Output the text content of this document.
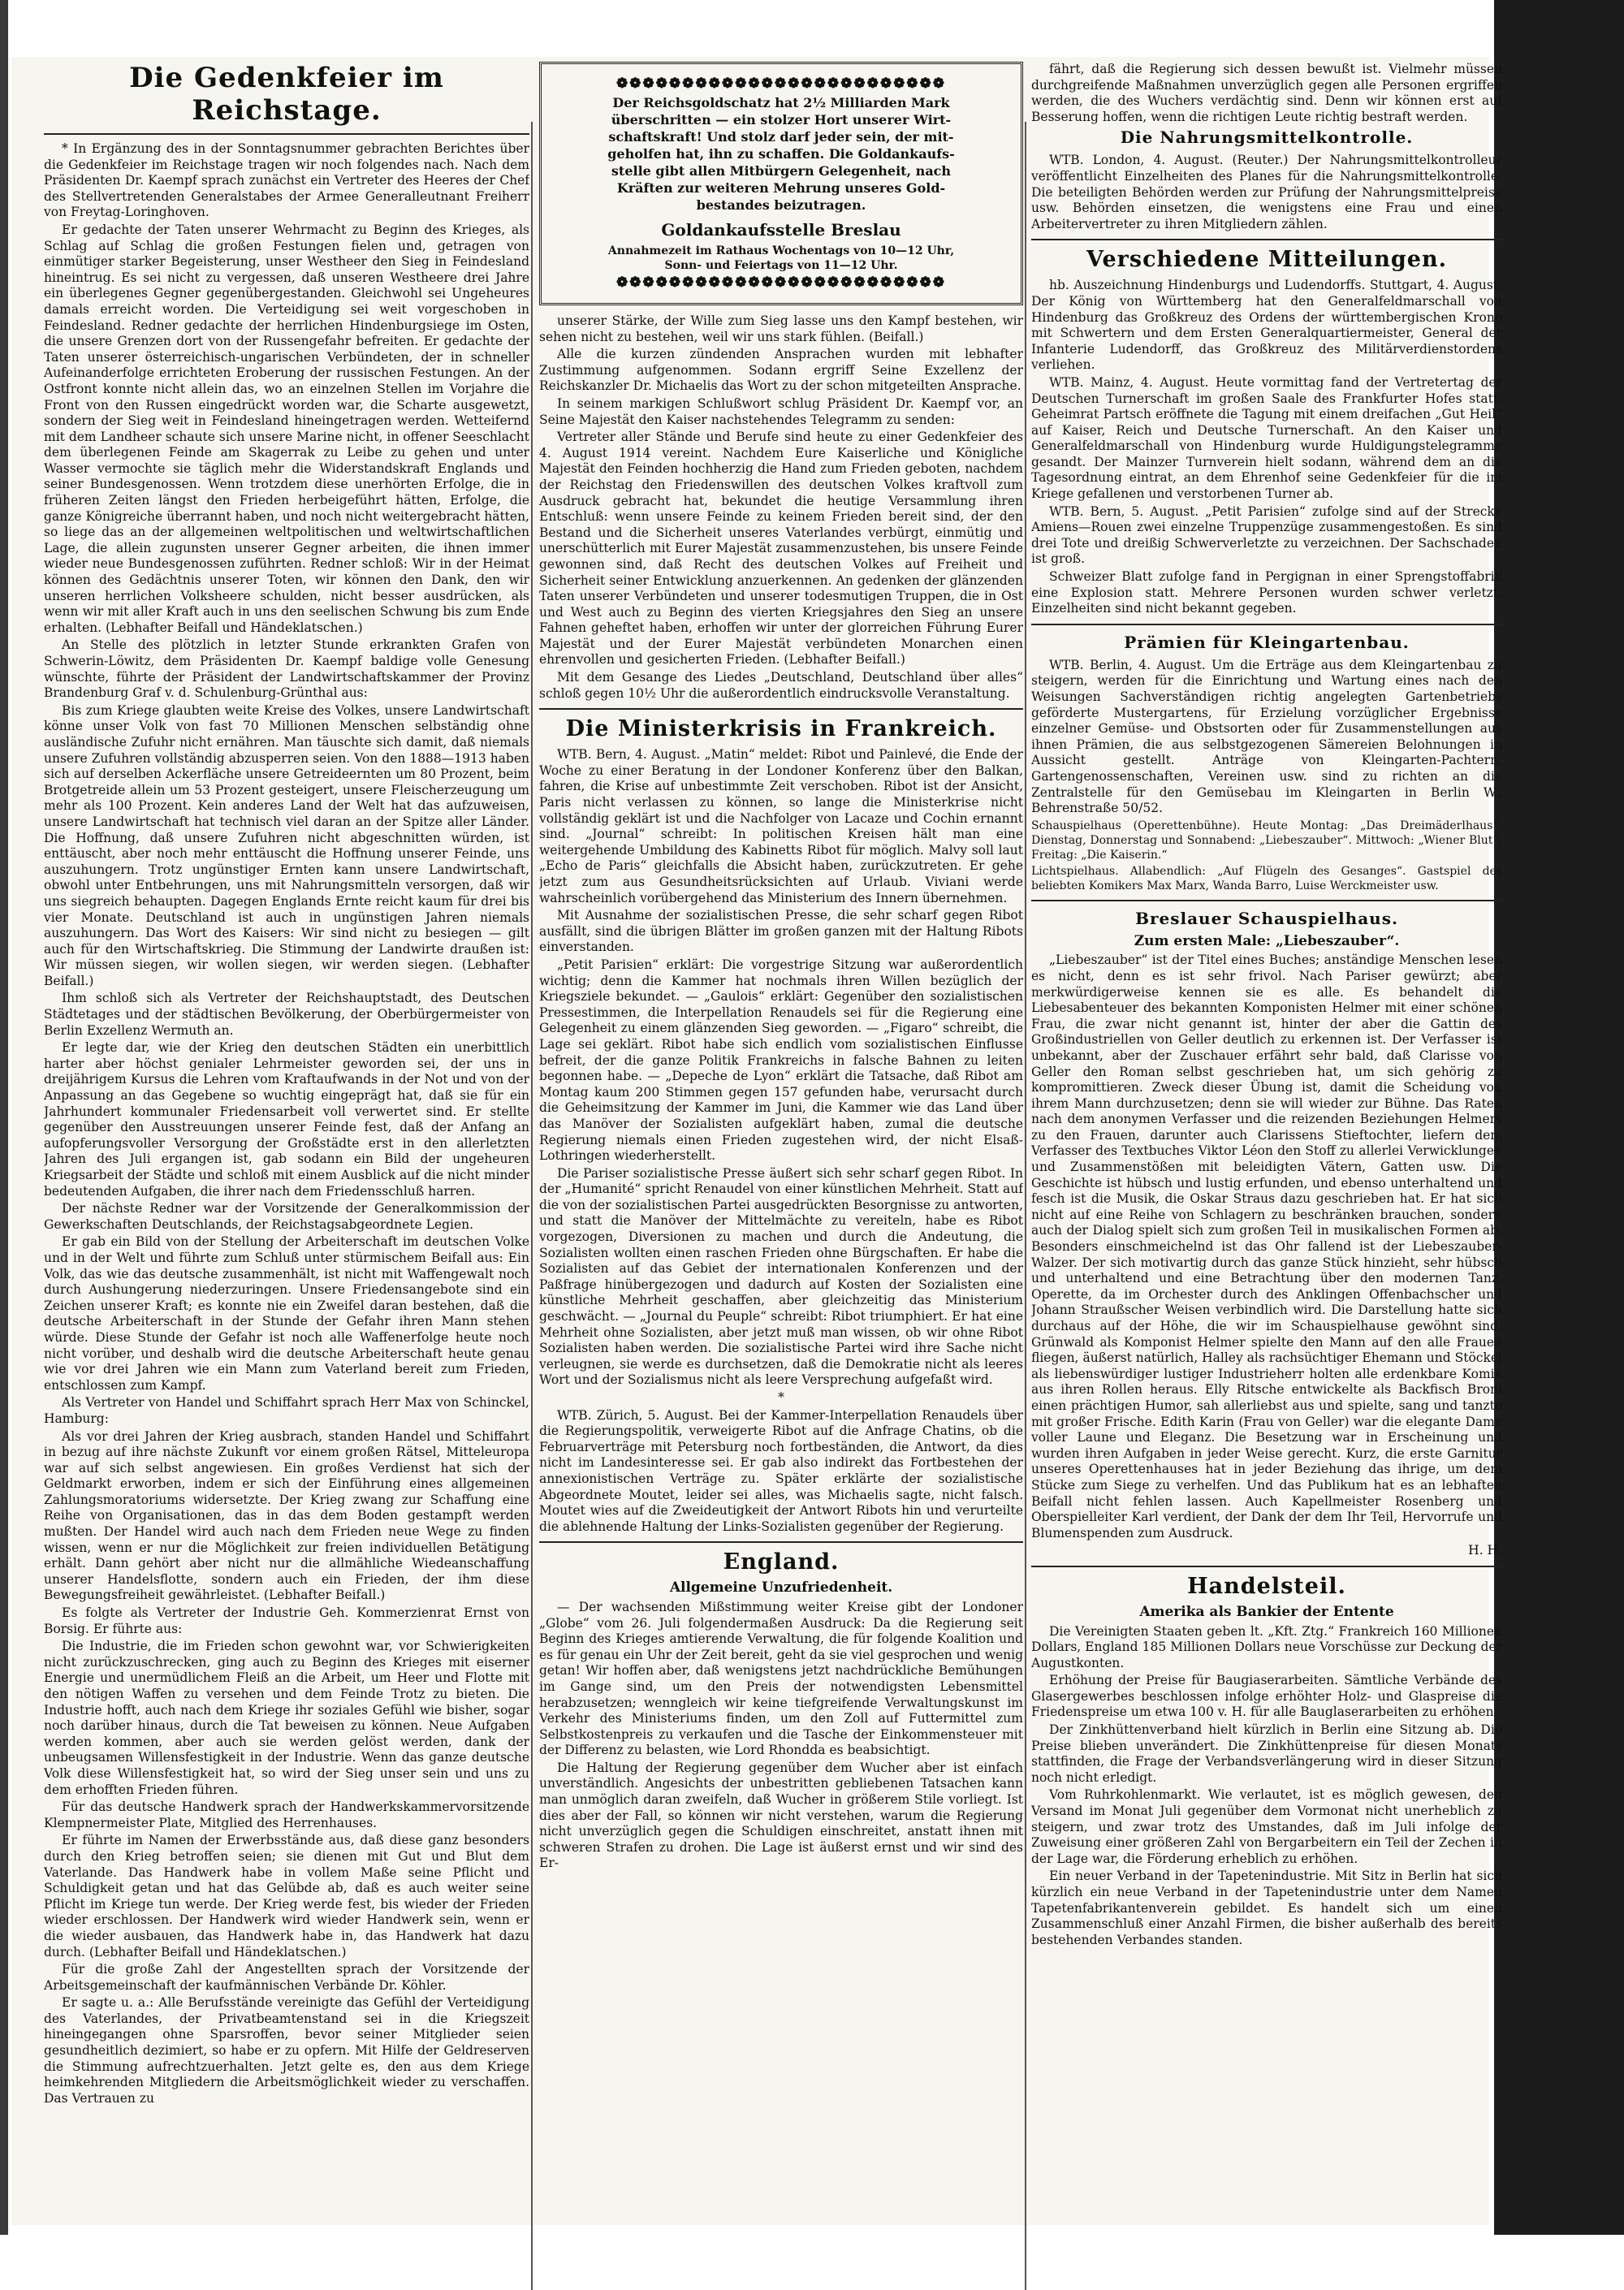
Die Gedenkfeier im Reichstage.

* In Ergänzung des in der Sonntagsnummer gebrachten Berichtes über die Gedenkfeier im Reichstage tragen wir noch folgendes nach. Nach dem Präsidenten Dr. Kaempf sprach zunächst ein Vertreter des Heeres der Chef des Stellvertretenden Generalstabes der Armee Generalleutnant Freiherr von Freytag-Loringhoven.

Er gedachte der Taten unserer Wehrmacht zu Beginn des Krieges, als Schlag auf Schlag die großen Festungen fielen und, getragen von einmütiger starker Begeisterung, unser Westheer den Sieg in Feindesland hineintrug. Es sei nicht zu vergessen, daß unseren Westheere drei Jahre ein überlegenes Gegner gegenübergestanden. Gleichwohl sei Ungeheures damals erreicht worden. Die Verteidigung sei weit vorgeschoben in Feindesland. Redner gedachte der herrlichen Hindenburgsiege im Osten, die unsere Grenzen dort von der Russengefahr befreiten. Er gedachte der Taten unserer österreichisch-ungarischen Verbündeten, der in schneller Aufeinanderfolge errichteten Eroberung der russischen Festungen. An der Ostfront konnte nicht allein das, wo an einzelnen Stellen im Vorjahre die Front von den Russen eingedrückt worden war, die Scharte ausgewetzt, sondern der Sieg weit in Feindesland hineingetragen werden. Wetteifernd mit dem Landheer schaute sich unsere Marine nicht, in offener Seeschlacht dem überlegenen Feinde am Skagerrak zu Leibe zu gehen und unter Wasser vermochte sie täglich mehr die Widerstandskraft Englands und seiner Bundesgenossen. Wenn trotzdem diese unerhörten Erfolge, die in früheren Zeiten längst den Frieden herbeigeführt hätten, Erfolge, die ganze Königreiche überrannt haben, und noch nicht weitergebracht hätten, so liege das an der allgemeinen weltpolitischen und weltwirtschaftlichen Lage, die allein zugunsten unserer Gegner arbeiten, die ihnen immer wieder neue Bundesgenossen zuführten. Redner schloß: Wir in der Heimat können des Gedächtnis unserer Toten, wir können den Dank, den wir unseren herrlichen Volksheere schulden, nicht besser ausdrücken, als wenn wir mit aller Kraft auch in uns den seelischen Schwung bis zum Ende erhalten. (Lebhafter Beifall und Händeklatschen.)

An Stelle des plötzlich in letzter Stunde erkrankten Grafen von Schwerin-Löwitz, dem Präsidenten Dr. Kaempf baldige volle Genesung wünschte, führte der Präsident der Landwirtschaftskammer der Provinz Brandenburg Graf v. d. Schulenburg-Grünthal aus:

Bis zum Kriege glaubten weite Kreise des Volkes, unsere Landwirtschaft könne unser Volk von fast 70 Millionen Menschen selbständig ohne ausländische Zufuhr nicht ernähren. Man täuschte sich damit, daß niemals unsere Zufuhren vollständig abzusperren seien. Von den 1888—1913 haben sich auf derselben Ackerfläche unsere Getreideernten um 80 Prozent, beim Brotgetreide allein um 53 Prozent gesteigert, unsere Fleischerzeugung um mehr als 100 Prozent. Kein anderes Land der Welt hat das aufzuweisen, unsere Landwirtschaft hat technisch viel daran an der Spitze aller Länder. Die Hoffnung, daß unsere Zufuhren nicht abgeschnitten würden, ist enttäuscht, aber noch mehr enttäuscht die Hoffnung unserer Feinde, uns auszuhungern. Trotz ungünstiger Ernten kann unsere Landwirtschaft, obwohl unter Entbehrungen, uns mit Nahrungsmitteln versorgen, daß wir uns siegreich behaupten. Dagegen Englands Ernte reicht kaum für drei bis vier Monate. Deutschland ist auch in ungünstigen Jahren niemals auszuhungern. Das Wort des Kaisers: Wir sind nicht zu besiegen — gilt auch für den Wirtschaftskrieg. Die Stimmung der Landwirte draußen ist: Wir müssen siegen, wir wollen siegen, wir werden siegen. (Lebhafter Beifall.)

Ihm schloß sich als Vertreter der Reichshauptstadt, des Deutschen Städtetages und der städtischen Bevölkerung, der Oberbürgermeister von Berlin Exzellenz Wermuth an.

Er legte dar, wie der Krieg den deutschen Städten ein unerbittlich harter aber höchst genialer Lehrmeister geworden sei, der uns in dreijährigem Kursus die Lehren vom Kraftaufwands in der Not und von der Anpassung an das Gegebene so wuchtig eingeprägt hat, daß sie für ein Jahrhundert kommunaler Friedensarbeit voll verwertet sind. Er stellte gegenüber den Ausstreuungen unserer Feinde fest, daß der Anfang an aufopferungsvoller Versorgung der Großstädte erst in den allerletzten Jahren des Juli ergangen ist, gab sodann ein Bild der ungeheuren Kriegsarbeit der Städte und schloß mit einem Ausblick auf die nicht minder bedeutenden Aufgaben, die ihrer nach dem Friedensschluß harren.

Der nächste Redner war der Vorsitzende der Generalkommission der Gewerkschaften Deutschlands, der Reichstagsabgeordnete Legien.

Er gab ein Bild von der Stellung der Arbeiterschaft im deutschen Volke und in der Welt und führte zum Schluß unter stürmischem Beifall aus: Ein Volk, das wie das deutsche zusammenhält, ist nicht mit Waffengewalt noch durch Aushungerung niederzuringen. Unsere Friedensangebote sind ein Zeichen unserer Kraft; es konnte nie ein Zweifel daran bestehen, daß die deutsche Arbeiterschaft in der Stunde der Gefahr ihren Mann stehen würde. Diese Stunde der Gefahr ist noch alle Waffenerfolge heute noch nicht vorüber, und deshalb wird die deutsche Arbeiterschaft heute genau wie vor drei Jahren wie ein Mann zum Vaterland bereit zum Frieden, entschlossen zum Kampf.

Als Vertreter von Handel und Schiffahrt sprach Herr Max von Schinckel, Hamburg:

Als vor drei Jahren der Krieg ausbrach, standen Handel und Schiffahrt in bezug auf ihre nächste Zukunft vor einem großen Rätsel, Mitteleuropa war auf sich selbst angewiesen. Ein großes Verdienst hat sich der Geldmarkt erworben, indem er sich der Einführung eines allgemeinen Zahlungsmoratoriums widersetzte. Der Krieg zwang zur Schaffung eine Reihe von Organisationen, das in das dem Boden gestampft werden mußten. Der Handel wird auch nach dem Frieden neue Wege zu finden wissen, wenn er nur die Möglichkeit zur freien individuellen Betätigung erhält. Dann gehört aber nicht nur die allmähliche Wiedeanschaffung unserer Handelsflotte, sondern auch ein Frieden, der ihm diese Bewegungsfreiheit gewährleistet. (Lebhafter Beifall.)

Es folgte als Vertreter der Industrie Geh. Kommerzienrat Ernst von Borsig. Er führte aus:

Die Industrie, die im Frieden schon gewohnt war, vor Schwierigkeiten nicht zurückzuschrecken, ging auch zu Beginn des Krieges mit eiserner Energie und unermüdlichem Fleiß an die Arbeit, um Heer und Flotte mit den nötigen Waffen zu versehen und dem Feinde Trotz zu bieten. Die Industrie hofft, auch nach dem Kriege ihr soziales Gefühl wie bisher, sogar noch darüber hinaus, durch die Tat beweisen zu können. Neue Aufgaben werden kommen, aber auch sie werden gelöst werden, dank der unbeugsamen Willensfestigkeit in der Industrie. Wenn das ganze deutsche Volk diese Willensfestigkeit hat, so wird der Sieg unser sein und uns zu dem erhofften Frieden führen.

Für das deutsche Handwerk sprach der Handwerkskammervorsitzende Klempnermeister Plate, Mitglied des Herrenhauses.

Er führte im Namen der Erwerbsstände aus, daß diese ganz besonders durch den Krieg betroffen seien; sie dienen mit Gut und Blut dem Vaterlande. Das Handwerk habe in vollem Maße seine Pflicht und Schuldigkeit getan und hat das Gelübde ab, daß es auch weiter seine Pflicht im Kriege tun werde. Der Krieg werde fest, bis wieder der Frieden wieder erschlossen. Der Handwerk wird wieder Handwerk sein, wenn er die wieder ausbauen, das Handwerk habe in, das Handwerk hat dazu durch. (Lebhafter Beifall und Händeklatschen.)

Für die große Zahl der Angestellten sprach der Vorsitzende der Arbeitsgemeinschaft der kaufmännischen Verbände Dr. Köhler.

Er sagte u. a.: Alle Berufsstände vereinigte das Gefühl der Verteidigung des Vaterlandes, der Privatbeamtenstand sei in die Kriegszeit hineingegangen ohne Sparsroffen, bevor seiner Mitglieder seien gesundheitlich dezimiert, so habe er zu opfern. Mit Hilfe der Geldreserven die Stimmung aufrechtzuerhalten. Jetzt gelte es, den aus dem Kriege heimkehrenden Mitgliedern die Arbeitsmöglichkeit wieder zu verschaffen. Das Vertrauen zu

❁❁❁❁❁❁❁❁❁❁❁❁❁❁❁❁❁❁❁❁❁❁❁❁❁

Der Reichsgoldschatz hat 2½ Milliarden Mark

überschritten — ein stolzer Hort unserer Wirt-

schaftskraft! Und stolz darf jeder sein, der mit-

geholfen hat, ihn zu schaffen. Die Goldankaufs-

stelle gibt allen Mitbürgern Gelegenheit, nach

Kräften zur weiteren Mehrung unseres Gold-

bestandes beizutragen.

Goldankaufsstelle Breslau

Annahmezeit im Rathaus Wochentags von 10—12 Uhr,

Sonn- und Feiertags von 11—12 Uhr.

❁❁❁❁❁❁❁❁❁❁❁❁❁❁❁❁❁❁❁❁❁❁❁❁❁

unserer Stärke, der Wille zum Sieg lasse uns den Kampf bestehen, wir sehen nicht zu bestehen, weil wir uns stark fühlen. (Beifall.)

Alle die kurzen zündenden Ansprachen wurden mit lebhafter Zustimmung aufgenommen. Sodann ergriff Seine Exzellenz der Reichskanzler Dr. Michaelis das Wort zu der schon mitgeteilten Ansprache.

In seinem markigen Schlußwort schlug Präsident Dr. Kaempf vor, an Seine Majestät den Kaiser nachstehendes Telegramm zu senden:

Vertreter aller Stände und Berufe sind heute zu einer Gedenkfeier des 4. August 1914 vereint. Nachdem Eure Kaiserliche und Königliche Majestät den Feinden hochherzig die Hand zum Frieden geboten, nachdem der Reichstag den Friedenswillen des deutschen Volkes kraftvoll zum Ausdruck gebracht hat, bekundet die heutige Versammlung ihren Entschluß: wenn unsere Feinde zu keinem Frieden bereit sind, der den Bestand und die Sicherheit unseres Vaterlandes verbürgt, einmütig und unerschütterlich mit Eurer Majestät zusammenzustehen, bis unsere Feinde gewonnen sind, daß Recht des deutschen Volkes auf Freiheit und Sicherheit seiner Entwicklung anzuerkennen. An gedenken der glänzenden Taten unserer Verbündeten und unserer todesmutigen Truppen, die in Ost und West auch zu Beginn des vierten Kriegsjahres den Sieg an unsere Fahnen geheftet haben, erhoffen wir unter der glorreichen Führung Eurer Majestät und der Eurer Majestät verbündeten Monarchen einen ehrenvollen und gesicherten Frieden. (Lebhafter Beifall.)

Mit dem Gesange des Liedes „Deutschland, Deutschland über alles“ schloß gegen 10½ Uhr die außerordentlich eindrucksvolle Veranstaltung.

Die Ministerkrisis in Frankreich.

WTB. Bern, 4. August. „Matin“ meldet: Ribot und Painlevé, die Ende der Woche zu einer Beratung in der Londoner Konferenz über den Balkan, fahren, die Krise auf unbestimmte Zeit verschoben. Ribot ist der Ansicht, Paris nicht verlassen zu können, so lange die Ministerkrise nicht vollständig geklärt ist und die Nachfolger von Lacaze und Cochin ernannt sind. „Journal“ schreibt: In politischen Kreisen hält man eine weitergehende Umbildung des Kabinetts Ribot für möglich. Malvy soll laut „Echo de Paris“ gleichfalls die Absicht haben, zurückzutreten. Er gehe jetzt zum aus Gesundheitsrücksichten auf Urlaub. Viviani werde wahrscheinlich vorübergehend das Ministerium des Innern übernehmen.

Mit Ausnahme der sozialistischen Presse, die sehr scharf gegen Ribot ausfällt, sind die übrigen Blätter im großen ganzen mit der Haltung Ribots einverstanden.

„Petit Parisien“ erklärt: Die vorgestrige Sitzung war außerordentlich wichtig; denn die Kammer hat nochmals ihren Willen bezüglich der Kriegsziele bekundet. — „Gaulois“ erklärt: Gegenüber den sozialistischen Pressestimmen, die Interpellation Renaudels sei für die Regierung eine Gelegenheit zu einem glänzenden Sieg geworden. — „Figaro“ schreibt, die Lage sei geklärt. Ribot habe sich endlich vom sozialistischen Einflusse befreit, der die ganze Politik Frankreichs in falsche Bahnen zu leiten begonnen habe. — „Depeche de Lyon“ erklärt die Tatsache, daß Ribot am Montag kaum 200 Stimmen gegen 157 gefunden habe, verursacht durch die Geheimsitzung der Kammer im Juni, die Kammer wie das Land über das Manöver der Sozialisten aufgeklärt haben, zumal die deutsche Regierung niemals einen Frieden zugestehen wird, der nicht Elsaß-Lothringen wiederherstellt.

Die Pariser sozialistische Presse äußert sich sehr scharf gegen Ribot. In der „Humanité“ spricht Renaudel von einer künstlichen Mehrheit. Statt auf die von der sozialistischen Partei ausgedrückten Besorgnisse zu antworten, und statt die Manöver der Mittelmächte zu vereiteln, habe es Ribot vorgezogen, Diversionen zu machen und durch die Andeutung, die Sozialisten wollten einen raschen Frieden ohne Bürgschaften. Er habe die Sozialisten auf das Gebiet der internationalen Konferenzen und der Paßfrage hinübergezogen und dadurch auf Kosten der Sozialisten eine künstliche Mehrheit geschaffen, aber gleichzeitig das Ministerium geschwächt. — „Journal du Peuple“ schreibt: Ribot triumphiert. Er hat eine Mehrheit ohne Sozialisten, aber jetzt muß man wissen, ob wir ohne Ribot Sozialisten haben werden. Die sozialistische Partei wird ihre Sache nicht verleugnen, sie werde es durchsetzen, daß die Demokratie nicht als leeres Wort und der Sozialismus nicht als leere Versprechung aufgefaßt wird.

*

WTB. Zürich, 5. August. Bei der Kammer-Interpellation Renaudels über die Regierungspolitik, verweigerte Ribot auf die Anfrage Chatins, ob die Februarverträge mit Petersburg noch fortbeständen, die Antwort, da dies nicht im Landesinteresse sei. Er gab also indirekt das Fortbestehen der annexionistischen Verträge zu. Später erklärte der sozialistische Abgeordnete Moutet, leider sei alles, was Michaelis sagte, nicht falsch. Moutet wies auf die Zweideutigkeit der Antwort Ribots hin und verurteilte die ablehnende Haltung der Links-Sozialisten gegenüber der Regierung.

England.
Allgemeine Unzufriedenheit.

— Der wachsenden Mißstimmung weiter Kreise gibt der Londoner „Globe“ vom 26. Juli folgendermaßen Ausdruck: Da die Regierung seit Beginn des Krieges amtierende Verwaltung, die für folgende Koalition und es für genau ein Uhr der Zeit bereit, geht da sie viel gesprochen und wenig getan! Wir hoffen aber, daß wenigstens jetzt nachdrückliche Bemühungen im Gange sind, um den Preis der notwendigsten Lebensmittel herabzusetzen; wenngleich wir keine tiefgreifende Verwaltungskunst im Verkehr des Ministeriums finden, um den Zoll auf Futtermittel zum Selbstkostenpreis zu verkaufen und die Tasche der Einkommensteuer mit der Differenz zu belasten, wie Lord Rhondda es beabsichtigt.

Die Haltung der Regierung gegenüber dem Wucher aber ist einfach unverständlich. Angesichts der unbestritten gebliebenen Tatsachen kann man unmöglich daran zweifeln, daß Wucher in größerem Stile vorliegt. Ist dies aber der Fall, so können wir nicht verstehen, warum die Regierung nicht unverzüglich gegen die Schuldigen einschreitet, anstatt ihnen mit schweren Strafen zu drohen. Die Lage ist äußerst ernst und wir sind des Er-

fährt, daß die Regierung sich dessen bewußt ist. Vielmehr müssen durchgreifende Maßnahmen unverzüglich gegen alle Personen ergriffen werden, die des Wuchers verdächtig sind. Denn wir können erst auf Besserung hoffen, wenn die richtigen Leute richtig bestraft werden.

Die Nahrungsmittelkontrolle.

WTB. London, 4. August. (Reuter.) Der Nahrungsmittelkontrolleur veröffentlicht Einzelheiten des Planes für die Nahrungsmittelkontrolle. Die beteiligten Behörden werden zur Prüfung der Nahrungsmittelpreise usw. Behörden einsetzen, die wenigstens eine Frau und einen Arbeitervertreter zu ihren Mitgliedern zählen.

Verschiedene Mitteilungen.

hb. Auszeichnung Hindenburgs und Ludendorffs. Stuttgart, 4. August. Der König von Württemberg hat den Generalfeldmarschall von Hindenburg das Großkreuz des Ordens der württembergischen Krone mit Schwertern und dem Ersten Generalquartiermeister, General der Infanterie Ludendorff, das Großkreuz des Militärverdienstordens verliehen.

WTB. Mainz, 4. August. Heute vormittag fand der Vertretertag der Deutschen Turnerschaft im großen Saale des Frankfurter Hofes statt. Geheimrat Partsch eröffnete die Tagung mit einem dreifachen „Gut Heil“ auf Kaiser, Reich und Deutsche Turnerschaft. An den Kaiser und Generalfeldmarschall von Hindenburg wurde Huldigungstelegramme gesandt. Der Mainzer Turnverein hielt sodann, während dem an die Tagesordnung eintrat, an dem Ehrenhof seine Gedenkfeier für die im Kriege gefallenen und verstorbenen Turner ab.

WTB. Bern, 5. August. „Petit Parisien“ zufolge sind auf der Strecke Amiens—Rouen zwei einzelne Truppenzüge zusammengestoßen. Es sind drei Tote und dreißig Schwerverletzte zu verzeichnen. Der Sachschaden ist groß.

Schweizer Blatt zufolge fand in Pergignan in einer Sprengstoffabrik eine Explosion statt. Mehrere Personen wurden schwer verletzt. Einzelheiten sind nicht bekannt gegeben.

Prämien für Kleingartenbau.

WTB. Berlin, 4. August. Um die Erträge aus dem Kleingartenbau zu steigern, werden für die Einrichtung und Wartung eines nach den Weisungen Sachverständigen richtig angelegten Gartenbetriebs geförderte Mustergartens, für Erzielung vorzüglicher Ergebnisse einzelner Gemüse- und Obstsorten oder für Zusammenstellungen aus ihnen Prämien, die aus selbstgezogenen Sämereien Belohnungen in Aussicht gestellt. Anträge von Kleingarten-Pachtern, Gartengenossenschaften, Vereinen usw. sind zu richten an die Zentralstelle für den Gemüsebau im Kleingarten in Berlin W., Behrenstraße 50/52.

Schauspielhaus (Operettenbühne). Heute Montag: „Das Dreimäderlhaus“. Dienstag, Donnerstag und Sonnabend: „Liebeszauber“. Mittwoch: „Wiener Blut“. Freitag: „Die Kaiserin.“

Lichtspielhaus. Allabendlich: „Auf Flügeln des Gesanges“. Gastspiel des beliebten Komikers Max Marx, Wanda Barro, Luise Werckmeister usw.

Breslauer Schauspielhaus.
Zum ersten Male: „Liebeszauber“.

„Liebeszauber“ ist der Titel eines Buches; anständige Menschen lesen es nicht, denn es ist sehr frivol. Nach Pariser gewürzt; aber merkwürdigerweise kennen sie es alle. Es behandelt die Liebesabenteuer des bekannten Komponisten Helmer mit einer schönen Frau, die zwar nicht genannt ist, hinter der aber die Gattin des Großindustriellen von Geller deutlich zu erkennen ist. Der Verfasser ist unbekannt, aber der Zuschauer erfährt sehr bald, daß Clarisse von Geller den Roman selbst geschrieben hat, um sich gehörig zu kompromittieren. Zweck dieser Übung ist, damit die Scheidung von ihrem Mann durchzusetzen; denn sie will wieder zur Bühne. Das Raten nach dem anonymen Verfasser und die reizenden Beziehungen Helmers zu den Frauen, darunter auch Clarissens Stieftochter, liefern dem Verfasser des Textbuches Viktor Léon den Stoff zu allerlei Verwicklungen und Zusammenstößen mit beleidigten Vätern, Gatten usw. Die Geschichte ist hübsch und lustig erfunden, und ebenso unterhaltend und fesch ist die Musik, die Oskar Straus dazu geschrieben hat. Er hat sich nicht auf eine Reihe von Schlagern zu beschränken brauchen, sondern auch der Dialog spielt sich zum großen Teil in musikalischen Formen ab. Besonders einschmeichelnd ist das Ohr fallend ist der Liebeszauber-Walzer. Der sich motivartig durch das ganze Stück hinzieht, sehr hübsch und unterhaltend und eine Betrachtung über den modernen Tanz. Operette, da im Orchester durch des Anklingen Offenbachscher und Johann Straußscher Weisen verbindlich wird. Die Darstellung hatte sich durchaus auf der Höhe, die wir im Schauspielhause gewöhnt sind. Grünwald als Komponist Helmer spielte den Mann auf den alle Frauen fliegen, äußerst natürlich, Halley als rachsüchtiger Ehemann und Stöckel als liebenswürdiger lustiger Industrieherr holten alle erdenkbare Komik aus ihren Rollen heraus. Elly Ritsche entwickelte als Backfisch Broni einen prächtigen Humor, sah allerliebst aus und spielte, sang und tanzte mit großer Frische. Edith Karin (Frau von Geller) war die elegante Dame voller Laune und Eleganz. Die Besetzung war in Erscheinung und wurden ihren Aufgaben in jeder Weise gerecht. Kurz, die erste Garnitur unseres Operettenhauses hat in jeder Beziehung das ihrige, um dem Stücke zum Siege zu verhelfen. Und das Publikum hat es an lebhaften Beifall nicht fehlen lassen. Auch Kapellmeister Rosenberg und Oberspielleiter Karl verdient, der Dank der dem Ihr Teil, Hervorrufe und Blumenspenden zum Ausdruck.

H. H.

Handelsteil.
Amerika als Bankier der Entente

Die Vereinigten Staaten geben lt. „Kft. Ztg.“ Frankreich 160 Millionen Dollars, England 185 Millionen Dollars neue Vorschüsse zur Deckung der Augustkonten.

Erhöhung der Preise für Baugiaserarbeiten. Sämtliche Verbände des Glasergewerbes beschlossen infolge erhöhter Holz- und Glaspreise die Friedenspreise um etwa 100 v. H. für alle Bauglaserarbeiten zu erhöhen.

Der Zinkhüttenverband hielt kürzlich in Berlin eine Sitzung ab. Die Preise blieben unverändert. Die Zinkhüttenpreise für diesen Monats stattfinden, die Frage der Verbandsverlängerung wird in dieser Sitzung noch nicht erledigt.

Vom Ruhrkohlenmarkt. Wie verlautet, ist es möglich gewesen, den Versand im Monat Juli gegenüber dem Vormonat nicht unerheblich zu steigern, und zwar trotz des Umstandes, daß im Juli infolge der Zuweisung einer größeren Zahl von Bergarbeitern ein Teil der Zechen in der Lage war, die Förderung erheblich zu erhöhen.

Ein neuer Verband in der Tapetenindustrie. Mit Sitz in Berlin hat sich kürzlich ein neue Verband in der Tapetenindustrie unter dem Namen Tapetenfabrikantenverein gebildet. Es handelt sich um einen Zusammenschluß einer Anzahl Firmen, die bisher außerhalb des bereits bestehenden Verbandes standen.
